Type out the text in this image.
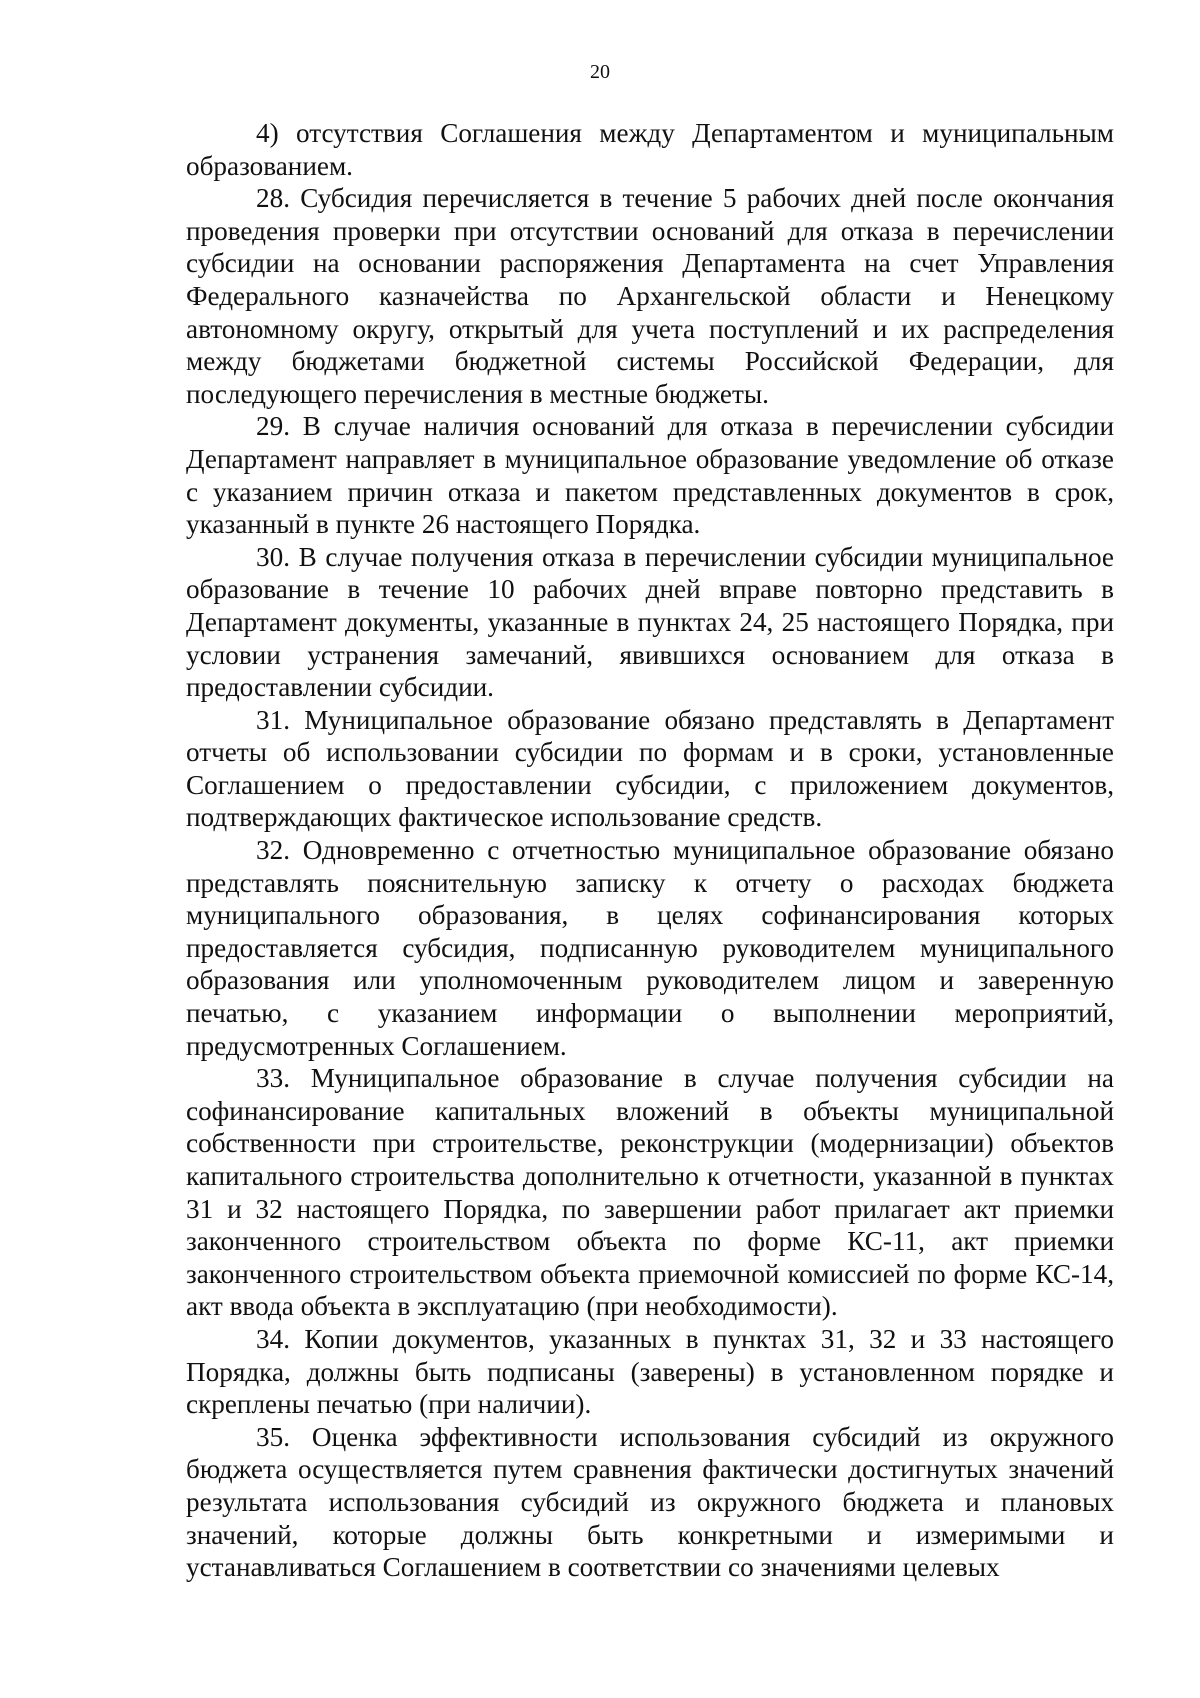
20

4) отсутствия Соглашения между Департаментом и муниципальным образованием.

28. Субсидия перечисляется в течение 5 рабочих дней после окончания проведения проверки при отсутствии оснований для отказа в перечислении субсидии на основании распоряжения Департамента на счет Управления Федерального казначейства по Архангельской области и Ненецкому автономному округу, открытый для учета поступлений и их распределения между бюджетами бюджетной системы Российской Федерации, для последующего перечисления в местные бюджеты.

29. В случае наличия оснований для отказа в перечислении субсидии Департамент направляет в муниципальное образование уведомление об отказе с указанием причин отказа и пакетом представленных документов в срок, указанный в пункте 26 настоящего Порядка.

30. В случае получения отказа в перечислении субсидии муниципальное образование в течение 10 рабочих дней вправе повторно представить в Департамент документы, указанные в пунктах 24, 25 настоящего Порядка, при условии устранения замечаний, явившихся основанием для отказа в предоставлении субсидии.

31. Муниципальное образование обязано представлять в Департамент отчеты об использовании субсидии по формам и в сроки, установленные Соглашением о предоставлении субсидии, с приложением документов, подтверждающих фактическое использование средств.

32. Одновременно с отчетностью муниципальное образование обязано представлять пояснительную записку к отчету о расходах бюджета муниципального образования, в целях софинансирования которых предоставляется субсидия, подписанную руководителем муниципального образования или уполномоченным руководителем лицом и заверенную печатью, с указанием информации о выполнении мероприятий, предусмотренных Соглашением.

33. Муниципальное образование в случае получения субсидии на софинансирование капитальных вложений в объекты муниципальной собственности при строительстве, реконструкции (модернизации) объектов капитального строительства дополнительно к отчетности, указанной в пунктах 31 и 32 настоящего Порядка, по завершении работ прилагает акт приемки законченного строительством объекта по форме КС-11, акт приемки законченного строительством объекта приемочной комиссией по форме КС-14, акт ввода объекта в эксплуатацию (при необходимости).

34. Копии документов, указанных в пунктах 31, 32 и 33 настоящего Порядка, должны быть подписаны (заверены) в установленном порядке и скреплены печатью (при наличии).

35. Оценка эффективности использования субсидий из окружного бюджета осуществляется путем сравнения фактически достигнутых значений результата использования субсидий из окружного бюджета и плановых значений, которые должны быть конкретными и измеримыми и устанавливаться Соглашением в соответствии со значениями целевых
